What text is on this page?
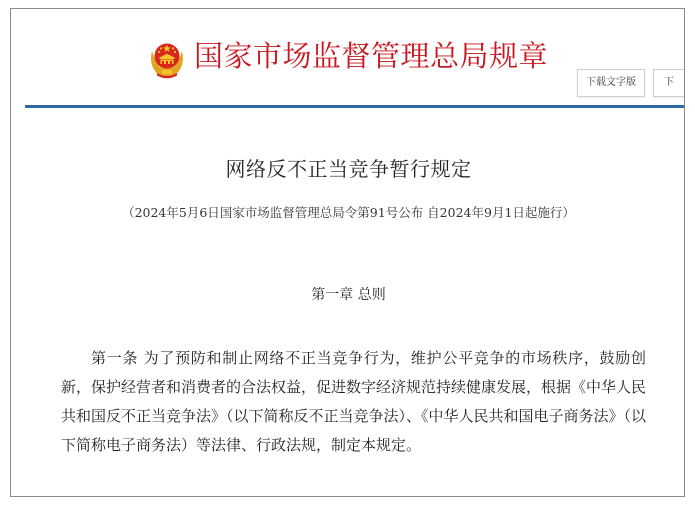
国家市场监督管理总局规章
下载文字版	下
网络反不正当竞争暂行规定
（2024年5月6日国家市场监督管理总局令第91号公布 自2024年9月1日起施行）
第一章 总则

第一条 为了预防和制止网络不正当竞争行为，维护公平竞争的市场秩序，鼓励创新，保护经营者和消费者的合法权益，促进数字经济规范持续健康发展，根据《中华人民共和国反不正当竞争法》（以下简称反不正当竞争法）、《中华人民共和国电子商务法》（以下简称电子商务法）等法律、行政法规，制定本规定。
